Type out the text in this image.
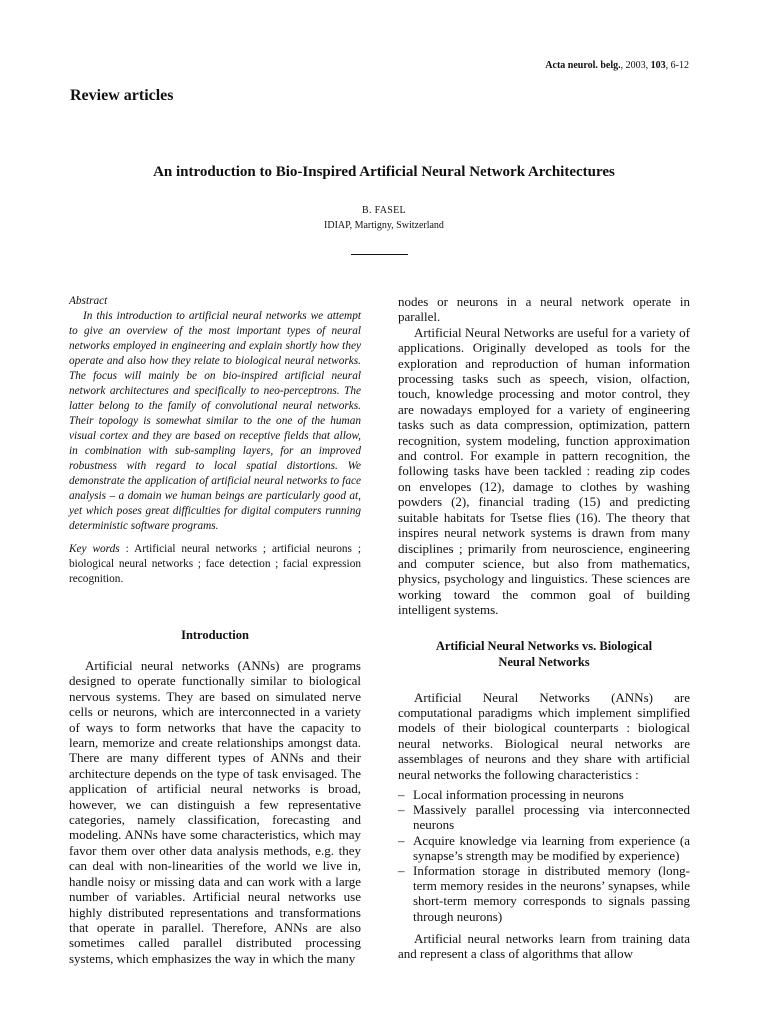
Acta neurol. belg., 2003, 103, 6-12
Review articles
An introduction to Bio-Inspired Artificial Neural Network Architectures
B. FASEL
IDIAP, Martigny, Switzerland

Abstract

In this introduction to artificial neural networks we attempt to give an overview of the most important types of neural networks employed in engineering and explain shortly how they operate and also how they relate to biological neural networks. The focus will mainly be on bio-inspired artificial neural network architectures and specifically to neo-perceptrons. The latter belong to the family of convolutional neural networks. Their topology is somewhat similar to the one of the human visual cortex and they are based on receptive fields that allow, in combination with sub-sampling layers, for an improved robustness with regard to local spatial distortions. We demonstrate the application of artificial neural networks to face analysis – a domain we human beings are particularly good at, yet which poses great difficulties for digital computers running deterministic software programs.

Key words : Artificial neural networks ; artificial neurons ; biological neural networks ; face detection ; facial expression recognition.

Introduction

Artificial neural networks (ANNs) are programs designed to operate functionally similar to biological nervous systems. They are based on simulated nerve cells or neurons, which are interconnected in a variety of ways to form networks that have the capacity to learn, memorize and create relationships amongst data. There are many different types of ANNs and their architecture depends on the type of task envisaged. The application of artificial neural networks is broad, however, we can distinguish a few representative categories, namely classification, forecasting and modeling. ANNs have some characteristics, which may favor them over other data analysis methods, e.g. they can deal with non-linearities of the world we live in, handle noisy or missing data and can work with a large number of variables. Artificial neural networks use highly distributed representations and transformations that operate in parallel. Therefore, ANNs are also sometimes called parallel distributed processing systems, which emphasizes the way in which the many

nodes or neurons in a neural network operate in parallel.

Artificial Neural Networks are useful for a variety of applications. Originally developed as tools for the exploration and reproduction of human information processing tasks such as speech, vision, olfaction, touch, knowledge processing and motor control, they are nowadays employed for a variety of engineering tasks such as data compression, optimization, pattern recognition, system modeling, function approximation and control. For example in pattern recognition, the following tasks have been tackled : reading zip codes on envelopes (12), damage to clothes by washing powders (2), financial trading (15) and predicting suitable habitats for Tsetse flies (16). The theory that inspires neural network systems is drawn from many disciplines ; primarily from neuroscience, engineering and computer science, but also from mathematics, physics, psychology and linguistics. These sciences are working toward the common goal of building intelligent systems.

Artificial Neural Networks vs. Biological
Neural Networks

Artificial Neural Networks (ANNs) are computational paradigms which implement simplified models of their biological counterparts : biological neural networks. Biological neural networks are assemblages of neurons and they share with artificial neural networks the following characteristics :

– Local information processing in neurons
– Massively parallel processing via interconnected neurons
– Acquire knowledge via learning from experience (a synapse’s strength may be modified by experience)
– Information storage in distributed memory (long-term memory resides in the neurons’ synapses, while short-term memory corresponds to signals passing through neurons)

Artificial neural networks learn from training data and represent a class of algorithms that allow
